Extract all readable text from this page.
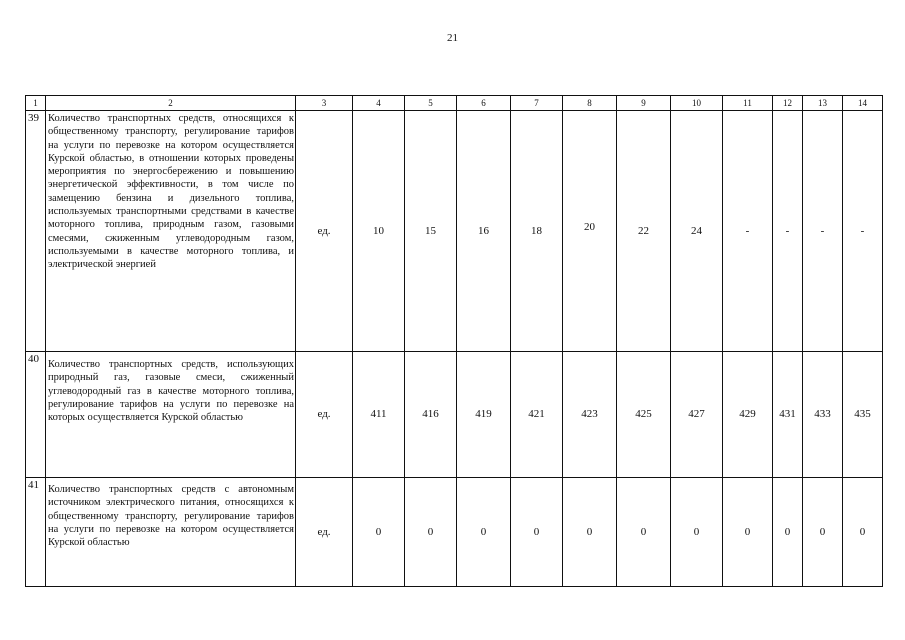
21
1	2	3	4	5	6	7	8	9	10	11	12	13	14
39	Количество транспортных средств, относящихся к общественному транспорту, регулирование тарифов на услуги по перевозке на котором осуществляется Курской областью, в отношении которых проведены мероприятия по энергосбережению и повышению энергетической эффективности, в том числе по замещению бензина и дизельного топлива, используемых транспортными средствами в качестве моторного топлива, природным газом, газовыми смесями, сжиженным углеводородным газом, используемыми в качестве моторного топлива, и электрической энергией	ед.	10	15	16	18	20	22	24	-	-	-	-
40	Количество транспортных средств, использующих природный газ, газовые смеси, сжиженный углеводородный газ в качестве моторного топлива, регулирование тарифов на услуги по перевозке на которых осуществляется Курской областью	ед.	411	416	419	421	423	425	427	429	431	433	435
41	Количество транспортных средств с автономным источником электрического питания, относящихся к общественному транспорту, регулирование тарифов на услуги по перевозке на котором осуществляется Курской областью	ед.	0	0	0	0	0	0	0	0	0	0	0
